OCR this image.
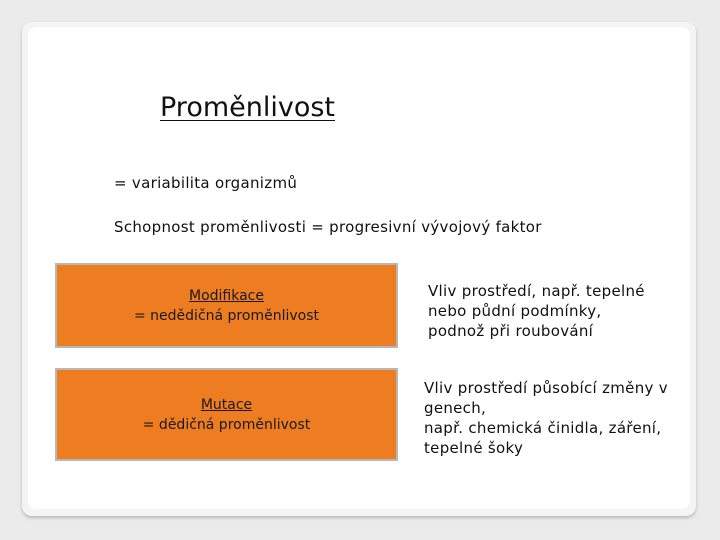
Proměnlivost
= variabilita organizmů
Schopnost proměnlivosti = progresivní vývojový faktor
Modifikace
= nedědičná proměnlivost
Vliv prostředí, např. tepelné
nebo půdní podmínky,
podnož při roubování
Mutace
= dědičná proměnlivost
Vliv prostředí působící změny v
genech,
např. chemická činidla, záření,
tepelné šoky
